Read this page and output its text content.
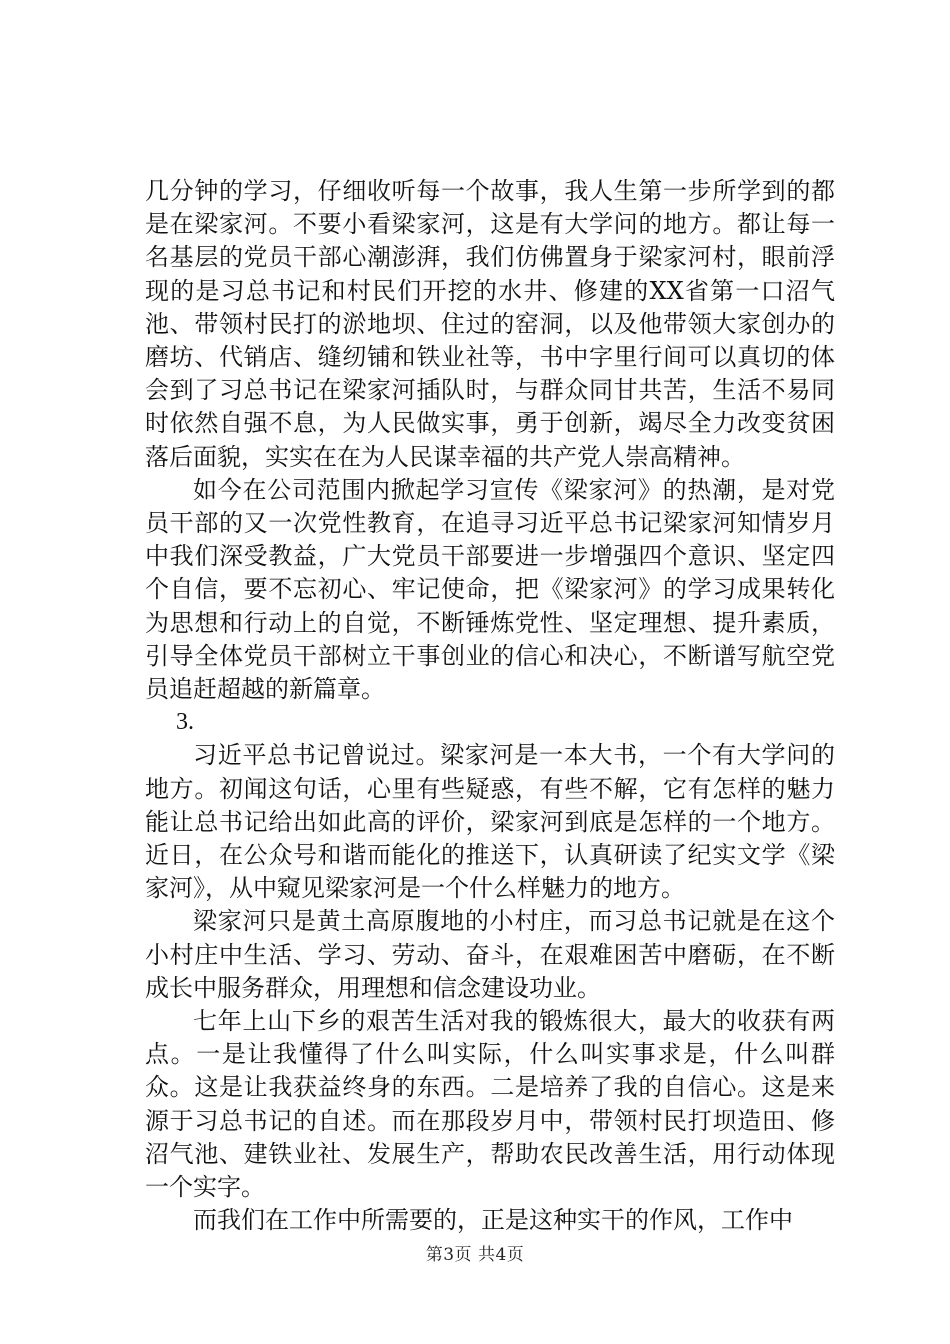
几分钟的学习，仔细收听每一个故事，我人生第一步所学到的都是在梁家河。不要小看梁家河，这是有大学问的地方。都让每一名基层的党员干部心潮澎湃，我们仿佛置身于梁家河村，眼前浮现的是习总书记和村民们开挖的水井、修建的XX省第一口沼气池、带领村民打的淤地坝、住过的窑洞，以及他带领大家创办的磨坊、代销店、缝纫铺和铁业社等，书中字里行间可以真切的体会到了习总书记在梁家河插队时，与群众同甘共苦，生活不易同时依然自强不息，为人民做实事，勇于创新，竭尽全力改变贫困落后面貌，实实在在为人民谋幸福的共产党人崇高精神。

如今在公司范围内掀起学习宣传《梁家河》的热潮，是对党员干部的又一次党性教育，在追寻习近平总书记梁家河知情岁月中我们深受教益，广大党员干部要进一步增强四个意识、坚定四个自信，要不忘初心、牢记使命，把《梁家河》的学习成果转化为思想和行动上的自觉，不断锤炼党性、坚定理想、提升素质，引导全体党员干部树立干事创业的信心和决心，不断谱写航空党员追赶超越的新篇章。

3.

习近平总书记曾说过。梁家河是一本大书，一个有大学问的地方。初闻这句话，心里有些疑惑，有些不解，它有怎样的魅力能让总书记给出如此高的评价，梁家河到底是怎样的一个地方。近日，在公众号和谐而能化的推送下，认真研读了纪实文学《梁家河》，从中窥见梁家河是一个什么样魅力的地方。

梁家河只是黄土高原腹地的小村庄，而习总书记就是在这个小村庄中生活、学习、劳动、奋斗，在艰难困苦中磨砺，在不断成长中服务群众，用理想和信念建设功业。

七年上山下乡的艰苦生活对我的锻炼很大，最大的收获有两点。一是让我懂得了什么叫实际，什么叫实事求是，什么叫群众。这是让我获益终身的东西。二是培养了我的自信心。这是来源于习总书记的自述。而在那段岁月中，带领村民打坝造田、修沼气池、建铁业社、发展生产，帮助农民改善生活，用行动体现一个实字。

而我们在工作中所需要的，正是这种实干的作风，工作中

第3页 共4页
